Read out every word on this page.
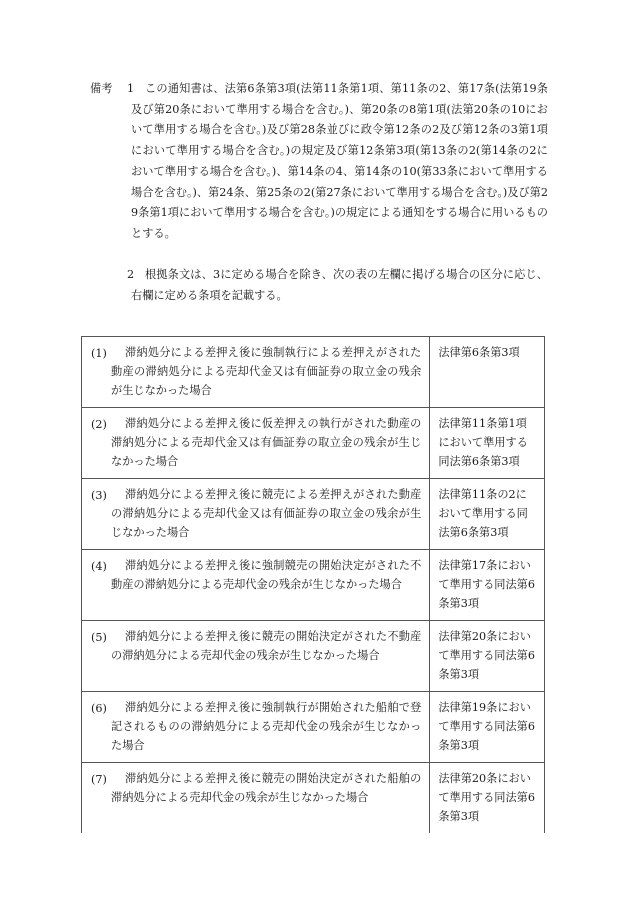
備考 1 この通知書は、法第6条第3項(法第11条第1項、第11条の2、第17条(法第19条及び第20条において準用する場合を含む。)、第20条の8第1項(法第20条の10において準用する場合を含む。)及び第28条並びに政令第12条の2及び第12条の3第1項において準用する場合を含む。)の規定及び第12条第3項(第13条の2(第14条の2において準用する場合を含む。)、第14条の4、第14条の10(第33条において準用する場合を含む。)、第24条、第25条の2(第27条において準用する場合を含む。)及び第29条第1項において準用する場合を含む。)の規定による通知をする場合に用いるものとする。
2 根拠条文は、3に定める場合を除き、次の表の左欄に掲げる場合の区分に応じ、右欄に定める条項を記載する。
(1) 滞納処分による差押え後に強制執行による差押えがされた動産の滞納処分による売却代金又は有価証券の取立金の残余が生じなかった場合	法律第6条第3項

(2) 滞納処分による差押え後に仮差押えの執行がされた動産の滞納処分による売却代金又は有価証券の取立金の残余が生じなかった場合	法律第11条第1項において準用する同法第6条第3項

(3) 滞納処分による差押え後に競売による差押えがされた動産の滞納処分による売却代金又は有価証券の取立金の残余が生じなかった場合	法律第11条の2において準用する同法第6条第3項

(4) 滞納処分による差押え後に強制競売の開始決定がされた不動産の滞納処分による売却代金の残余が生じなかった場合	法律第17条において準用する同法第6条第3項

(5) 滞納処分による差押え後に競売の開始決定がされた不動産の滞納処分による売却代金の残余が生じなかった場合	法律第20条において準用する同法第6条第3項

(6) 滞納処分による差押え後に強制執行が開始された船舶で登記されるものの滞納処分による売却代金の残余が生じなかった場合	法律第19条において準用する同法第6条第3項

(7) 滞納処分による差押え後に競売の開始決定がされた船舶の滞納処分による売却代金の残余が生じなかった場合	法律第20条において準用する同法第6条第3項
